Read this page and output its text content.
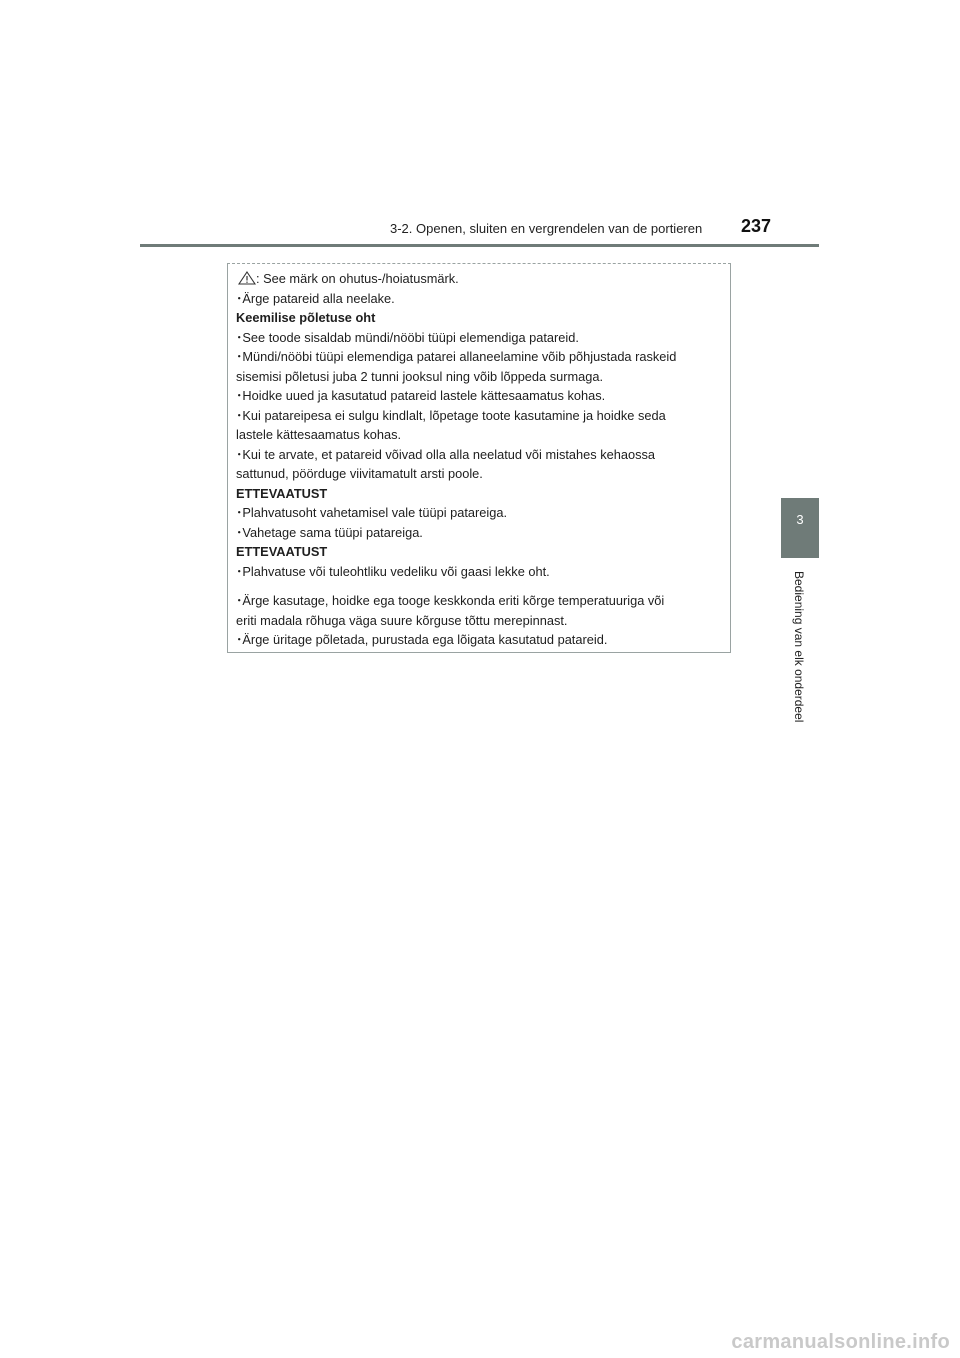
3-2. Openen, sluiten en vergrendelen van de portieren 237
3
Bediening van elk onderdeel
: See märk on ohutus-/hoiatusmärk.
･Ärge patareid alla neelake.
Keemilise põletuse oht
･See toode sisaldab mündi/nööbi tüüpi elemendiga patareid.
･Mündi/nööbi tüüpi elemendiga patarei allaneelamine võib põhjustada raskeid
sisemisi põletusi juba 2 tunni jooksul ning võib lõppeda surmaga.
･Hoidke uued ja kasutatud patareid lastele kättesaamatus kohas.
･Kui patareipesa ei sulgu kindlalt, lõpetage toote kasutamine ja hoidke seda
lastele kättesaamatus kohas.
･Kui te arvate, et patareid võivad olla alla neelatud või mistahes kehaossa
sattunud, pöörduge viivitamatult arsti poole.
ETTEVAATUST
･Plahvatusoht vahetamisel vale tüüpi patareiga.
･Vahetage sama tüüpi patareiga.
ETTEVAATUST
･Plahvatuse või tuleohtliku vedeliku või gaasi lekke oht.
･Ärge kasutage, hoidke ega tooge keskkonda eriti kõrge temperatuuriga või
eriti madala rõhuga väga suure kõrguse tõttu merepinnast.
･Ärge üritage põletada, purustada ega lõigata kasutatud patareid.
carmanualsonline.info
